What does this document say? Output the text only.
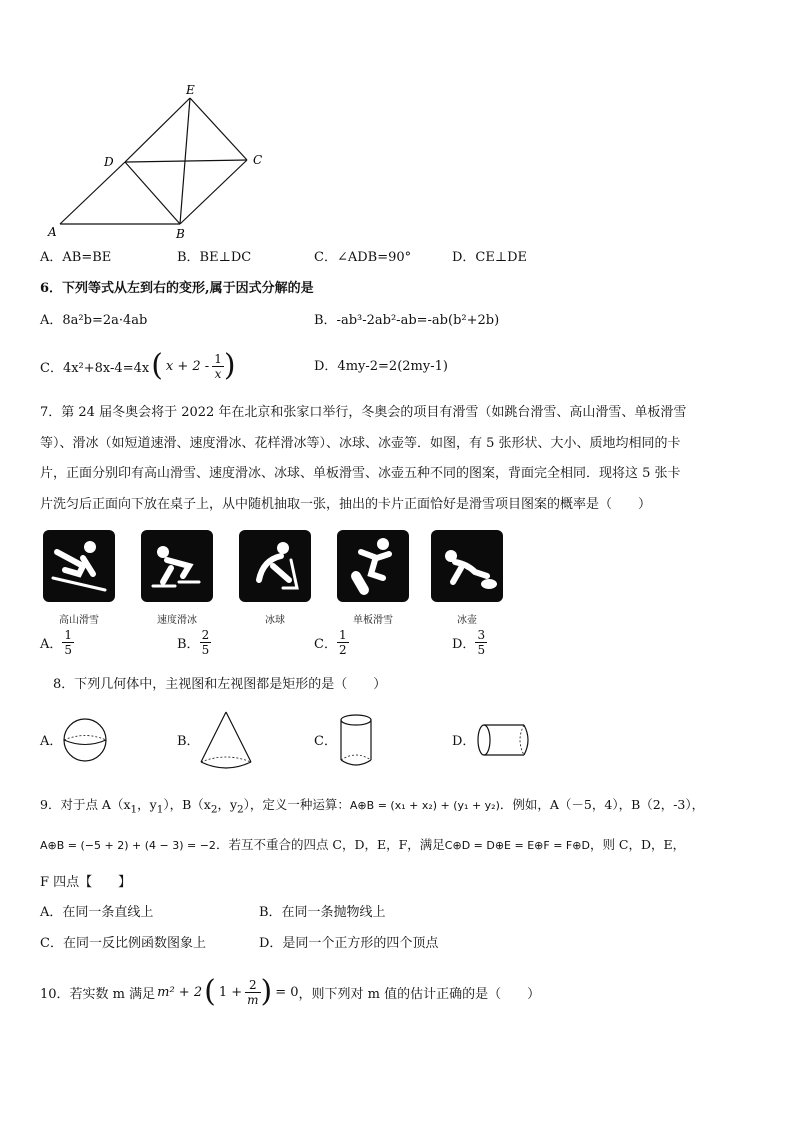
E
D	C
A	B
A．AB=BE	B．BE⊥DC	C．∠ADB=90°	D．CE⊥DE
6．下列等式从左到右的变形,属于因式分解的是
A．8a²b=2a·4ab	B．-ab³-2ab²-ab=-ab(b²+2b)
C．4x²+8x-4=4x ( $x + 2 - \frac{1}{x}$ )	D．4my-2=2(2my-1)
7．第 24 届冬奥会将于 2022 年在北京和张家口举行，冬奥会的项目有滑雪（如跳台滑雪、高山滑雪、单板滑雪
等）、滑冰（如短道速滑、速度滑冰、花样滑冰等）、冰球、冰壶等．如图，有 5 张形状、大小、质地均相同的卡
片，正面分别印有高山滑雪、速度滑冰、冰球、单板滑雪、冰壶五种不同的图案，背面完全相同．现将这 5 张卡
片洗匀后正面向下放在桌子上，从中随机抽取一张，抽出的卡片正面恰好是滑雪项目图案的概率是（　　）
高山滑雪	速度滑冰	冰球	单板滑雪	冰壶
A． $\frac{1}{5}$	B． $\frac{2}{5}$	C． $\frac{1}{2}$	D． $\frac{3}{5}$
8．下列几何体中，主视图和左视图都是矩形的是（　　）
A．	B．	C．	D．
9．对于点 $A(x_1$，$y_1$），$B(x_2$，$y_2$），定义一种运算：A⊕B = (x₁ + x₂) + (y₁ + y₂)．例如，A（－5，4），B（2，-3），
A⊕B = (−5 + 2) + (4 − 3) = −2．若互不重合的四点 C，D，E，F，满足C⊕D = D⊕E = E⊕F = F⊕D，则 C，D，E，
F 四点【　　】
A．在同一条直线上	B．在同一条抛物线上
C．在同一反比例函数图象上	D．是同一个正方形的四个顶点
10．若实数 m 满足 m² + 2 ( $1 + \frac{2}{m}$ ) = 0 ，则下列对 m 值的估计正确的是（　　）
